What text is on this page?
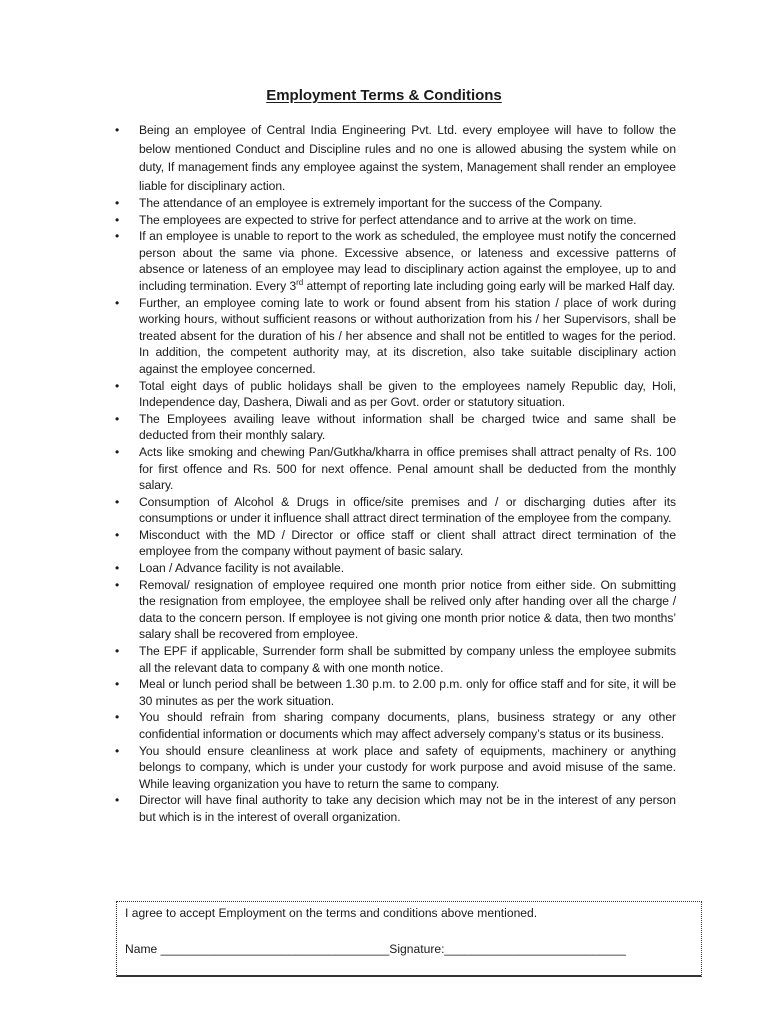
Employment Terms & Conditions
• Being an employee of Central India Engineering Pvt. Ltd. every employee will have to follow the below mentioned Conduct and Discipline rules and no one is allowed abusing the system while on duty, If management finds any employee against the system, Management shall render an employee liable for disciplinary action.
• The attendance of an employee is extremely important for the success of the Company.
• The employees are expected to strive for perfect attendance and to arrive at the work on time.
• If an employee is unable to report to the work as scheduled, the employee must notify the concerned person about the same via phone. Excessive absence, or lateness and excessive patterns of absence or lateness of an employee may lead to disciplinary action against the employee, up to and including termination. Every 3rd attempt of reporting late including going early will be marked Half day.
• Further, an employee coming late to work or found absent from his station / place of work during working hours, without sufficient reasons or without authorization from his / her Supervisors, shall be treated absent for the duration of his / her absence and shall not be entitled to wages for the period. In addition, the competent authority may, at its discretion, also take suitable disciplinary action against the employee concerned.
• Total eight days of public holidays shall be given to the employees namely Republic day, Holi, Independence day, Dashera, Diwali and as per Govt. order or statutory situation.
• The Employees availing leave without information shall be charged twice and same shall be deducted from their monthly salary.
• Acts like smoking and chewing Pan/Gutkha/kharra in office premises shall attract penalty of Rs. 100 for first offence and Rs. 500 for next offence. Penal amount shall be deducted from the monthly salary.
• Consumption of Alcohol & Drugs in office/site premises and / or discharging duties after its consumptions or under it influence shall attract direct termination of the employee from the company.
• Misconduct with the MD / Director or office staff or client shall attract direct termination of the employee from the company without payment of basic salary.
• Loan / Advance facility is not available.
• Removal/ resignation of employee required one month prior notice from either side. On submitting the resignation from employee, the employee shall be relived only after handing over all the charge / data to the concern person. If employee is not giving one month prior notice & data, then two months’ salary shall be recovered from employee.
• The EPF if applicable, Surrender form shall be submitted by company unless the employee submits all the relevant data to company & with one month notice.
• Meal or lunch period shall be between 1.30 p.m. to 2.00 p.m. only for office staff and for site, it will be 30 minutes as per the work situation.
• You should refrain from sharing company documents, plans, business strategy or any other confidential information or documents which may affect adversely company’s status or its business.
• You should ensure cleanliness at work place and safety of equipments, machinery or anything belongs to company, which is under your custody for work purpose and avoid misuse of the same. While leaving organization you have to return the same to company.
• Director will have final authority to take any decision which may not be in the interest of any person but which is in the interest of overall organization.

I agree to accept Employment on the terms and conditions above mentioned.

Name __________________________________Signature:___________________________
